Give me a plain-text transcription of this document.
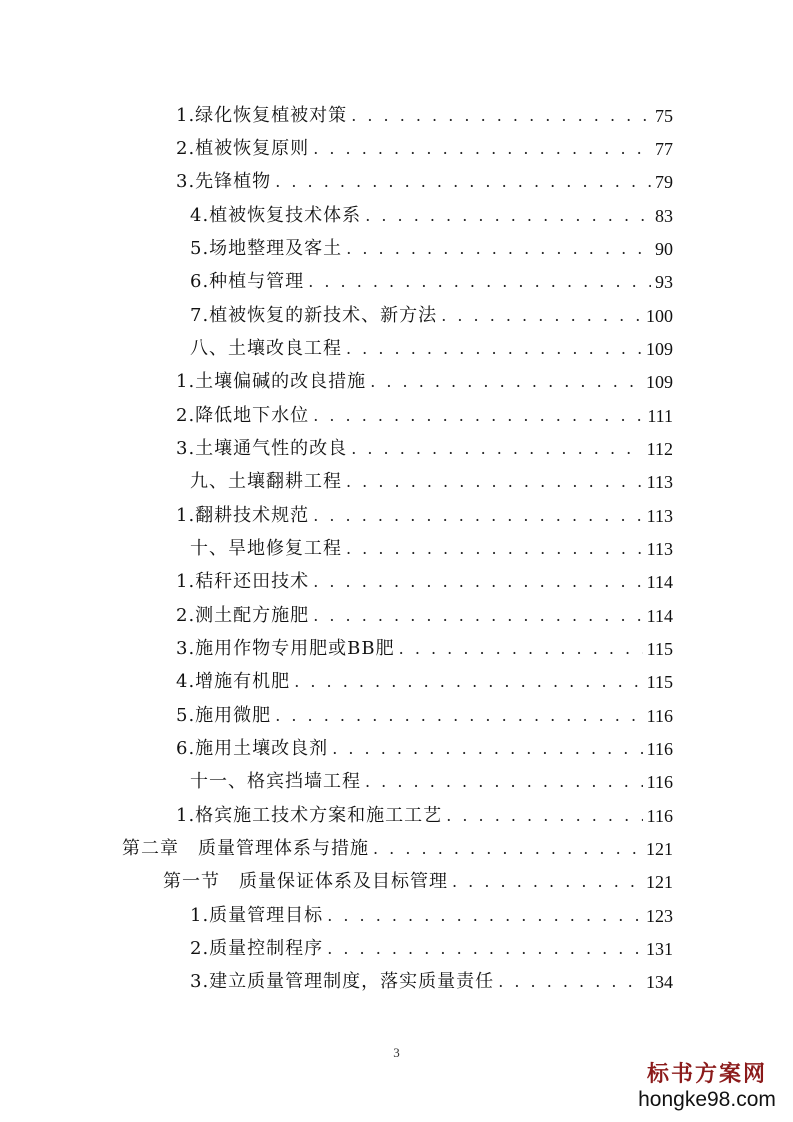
1.绿化恢复植被对策 . . .	75
2.植被恢复原则 . . .	77
3.先锋植物 . . .	79
4.植被恢复技术体系 . . .	83
5.场地整理及客土 . . .	90
6.种植与管理 . . .	93
7.植被恢复的新技术、新方法 . . .	100
八、土壤改良工程 . . .	109
1.土壤偏碱的改良措施 . . .	109
2.降低地下水位 . . .	111
3.土壤通气性的改良 . . .	112
九、土壤翻耕工程 . . .	113
1.翻耕技术规范 . . .	113
十、旱地修复工程 . . .	113
1.秸秆还田技术 . . .	114
2.测土配方施肥 . . .	114
3.施用作物专用肥或BB肥 . . .	115
4.增施有机肥 . . .	115
5.施用微肥 . . .	116
6.施用土壤改良剂 . . .	116
十一、格宾挡墙工程 . . .	116
1.格宾施工技术方案和施工工艺 . . .	116
第二章　质量管理体系与措施 . . .	121
第一节　质量保证体系及目标管理 . . .	121
1.质量管理目标 . . .	123
2.质量控制程序 . . .	131
3.建立质量管理制度，落实质量责任 . . .	134
3
标书方案网
hongke98.com
